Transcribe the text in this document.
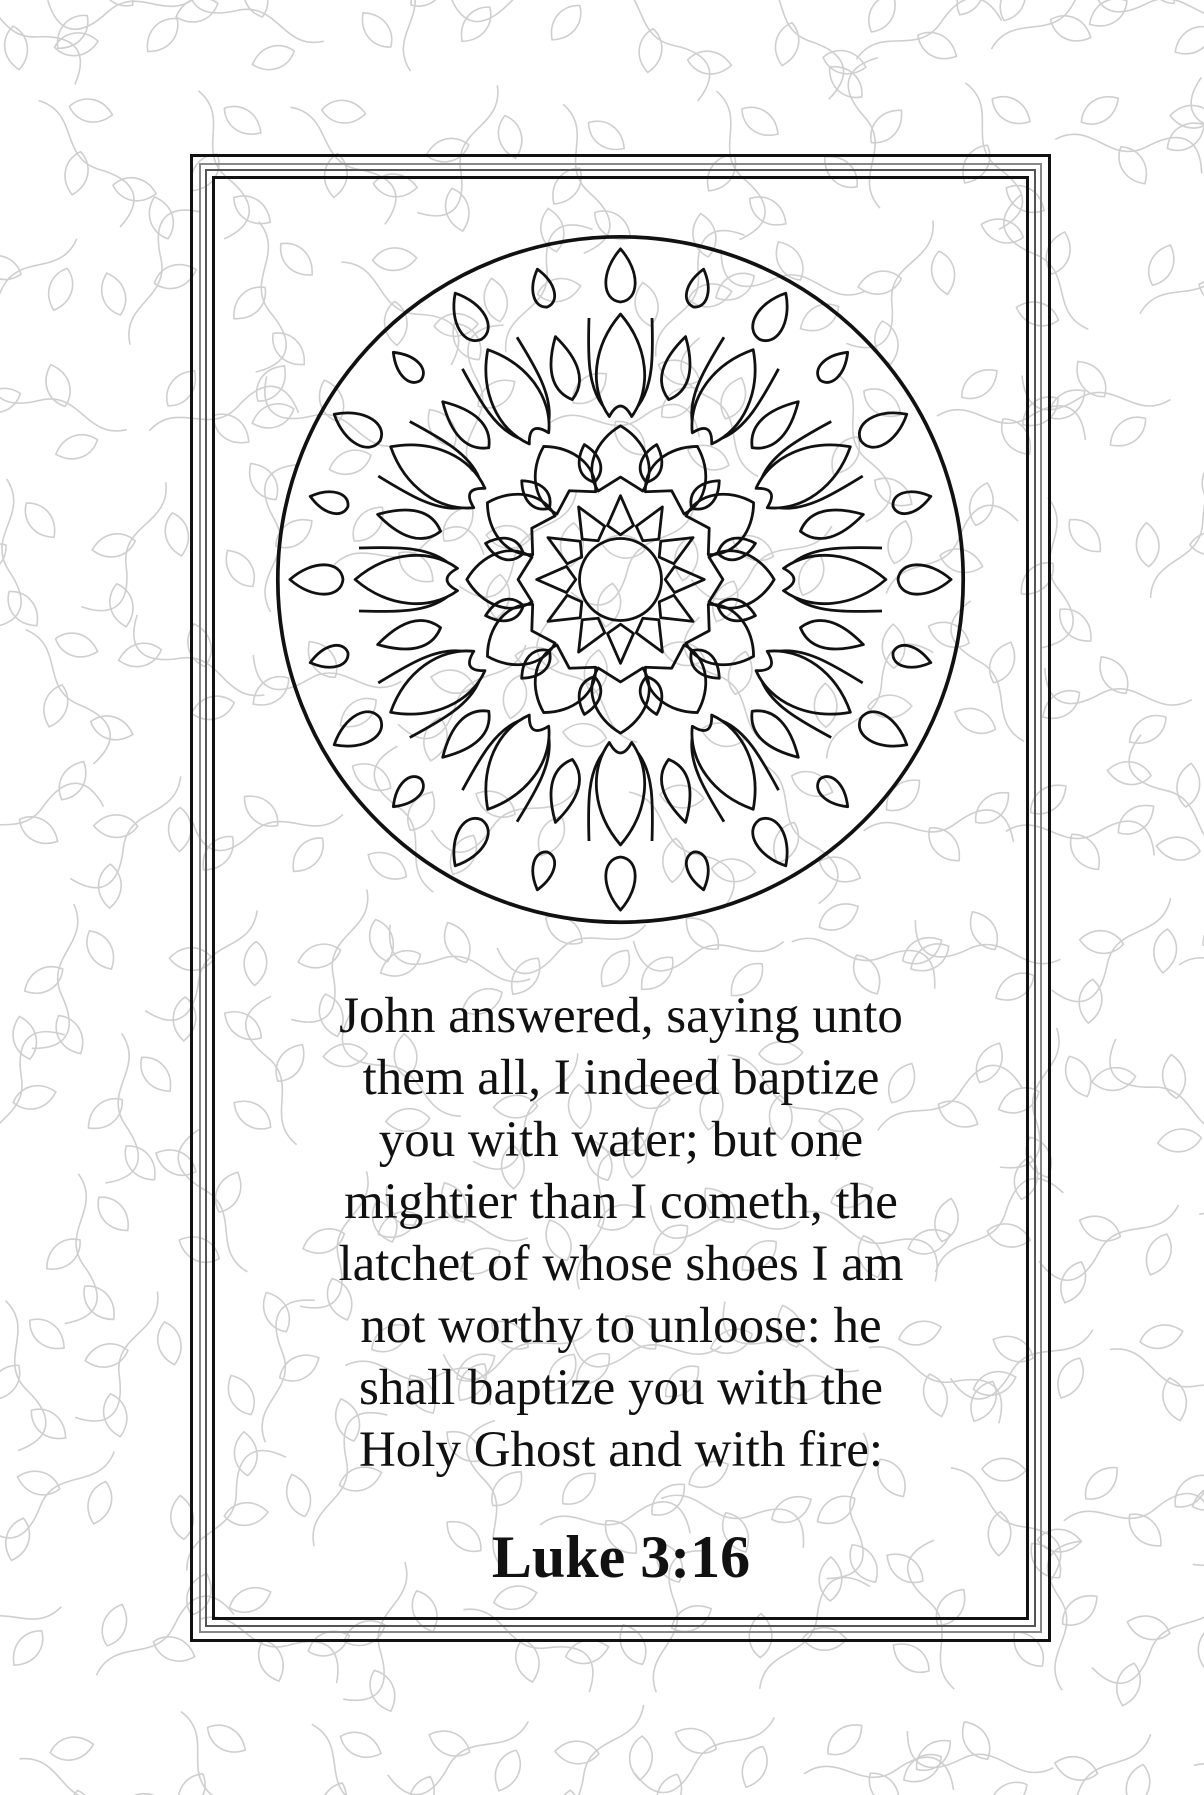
John answered, saying unto
them all, I indeed baptize
you with water; but one
mightier than I cometh, the
latchet of whose shoes I am
not worthy to unloose: he
shall baptize you with the
Holy Ghost and with fire:
Luke 3:16
